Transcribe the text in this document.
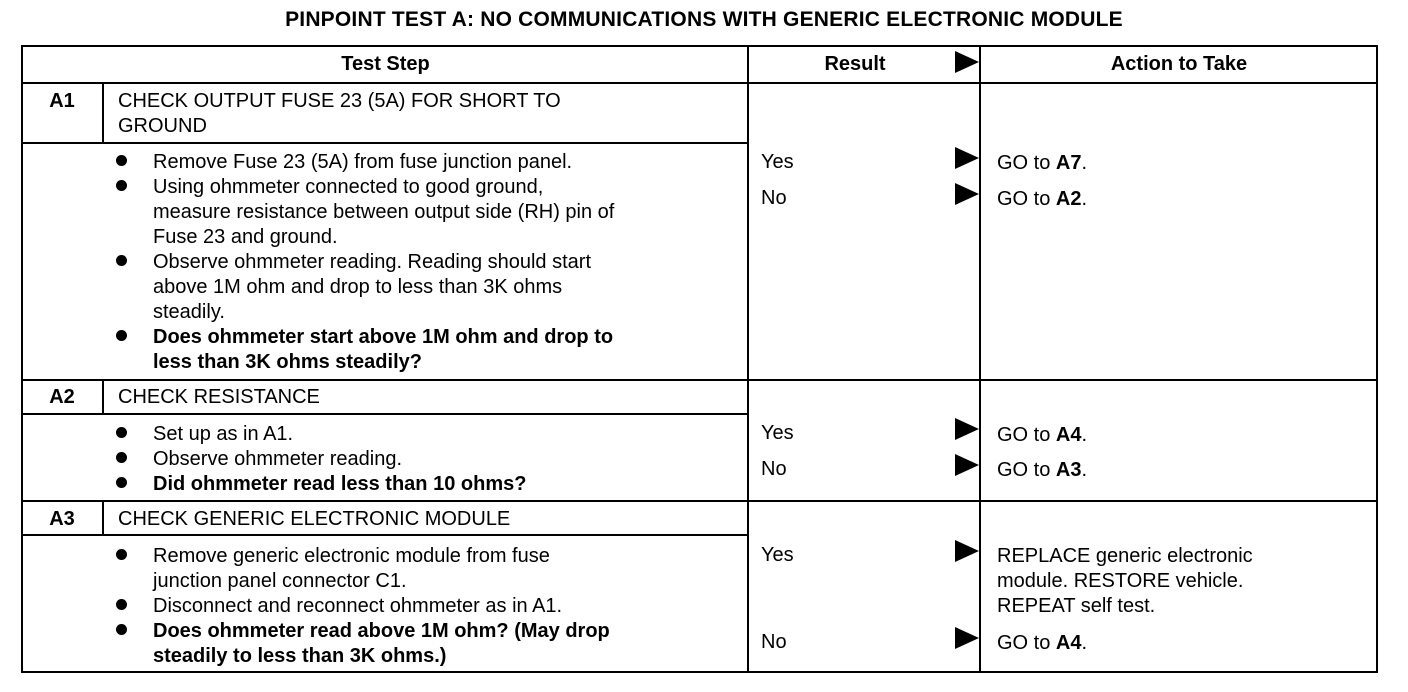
PINPOINT TEST A: NO COMMUNICATIONS WITH GENERIC ELECTRONIC MODULE
Test Step	Result	Action to Take
A1	CHECK OUTPUT FUSE 23 (5A) FOR SHORT TO
GROUND
Remove Fuse 23 (5A) from fuse junction panel.
Using ohmmeter connected to good ground,
measure resistance between output side (RH) pin of
Fuse 23 and ground.
Observe ohmmeter reading. Reading should start
above 1M ohm and drop to less than 3K ohms
steadily.
Does ohmmeter start above 1M ohm and drop to
less than 3K ohms steadily?
Yes	GO to A7.
No	GO to A2.
A2	CHECK RESISTANCE
Set up as in A1.
Observe ohmmeter reading.
Did ohmmeter read less than 10 ohms?
Yes	GO to A4.
No	GO to A3.
A3	CHECK GENERIC ELECTRONIC MODULE
Remove generic electronic module from fuse
junction panel connector C1.
Disconnect and reconnect ohmmeter as in A1.
Does ohmmeter read above 1M ohm? (May drop
steadily to less than 3K ohms.)
Yes	REPLACE generic electronic
module. RESTORE vehicle.
REPEAT self test.
No	GO to A4.
